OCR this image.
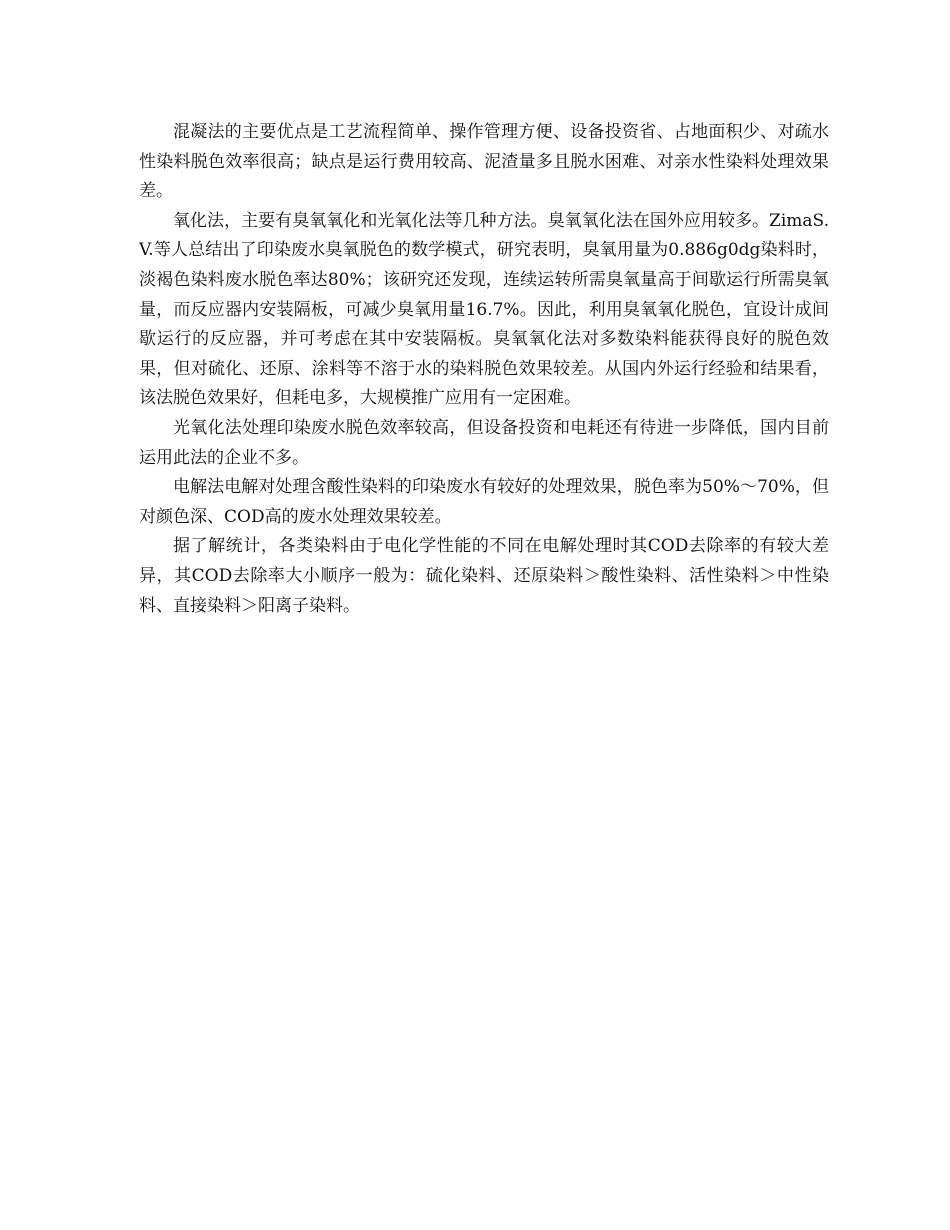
混凝法的主要优点是工艺流程简单、操作管理方便、设备投资省、占地面积少、对疏水性染料脱色效率很高；缺点是运行费用较高、泥渣量多且脱水困难、对亲水性染料处理效果差。

氧化法，主要有臭氧氧化和光氧化法等几种方法。臭氧氧化法在国外应用较多。ZimaS.V.等人总结出了印染废水臭氧脱色的数学模式，研究表明，臭氧用量为0.886g0dg染料时，淡褐色染料废水脱色率达80%；该研究还发现，连续运转所需臭氧量高于间歇运行所需臭氧量，而反应器内安装隔板，可减少臭氧用量16.7%。因此，利用臭氧氧化脱色，宜设计成间歇运行的反应器，并可考虑在其中安装隔板。臭氧氧化法对多数染料能获得良好的脱色效果，但对硫化、还原、涂料等不溶于水的染料脱色效果较差。从国内外运行经验和结果看，该法脱色效果好，但耗电多，大规模推广应用有一定困难。

光氧化法处理印染废水脱色效率较高，但设备投资和电耗还有待进一步降低，国内目前运用此法的企业不多。

电解法电解对处理含酸性染料的印染废水有较好的处理效果，脱色率为50%～70%，但对颜色深、COD高的废水处理效果较差。

据了解统计，各类染料由于电化学性能的不同在电解处理时其COD去除率的有较大差异，其COD去除率大小顺序一般为：硫化染料、还原染料＞酸性染料、活性染料＞中性染料、直接染料＞阳离子染料。
